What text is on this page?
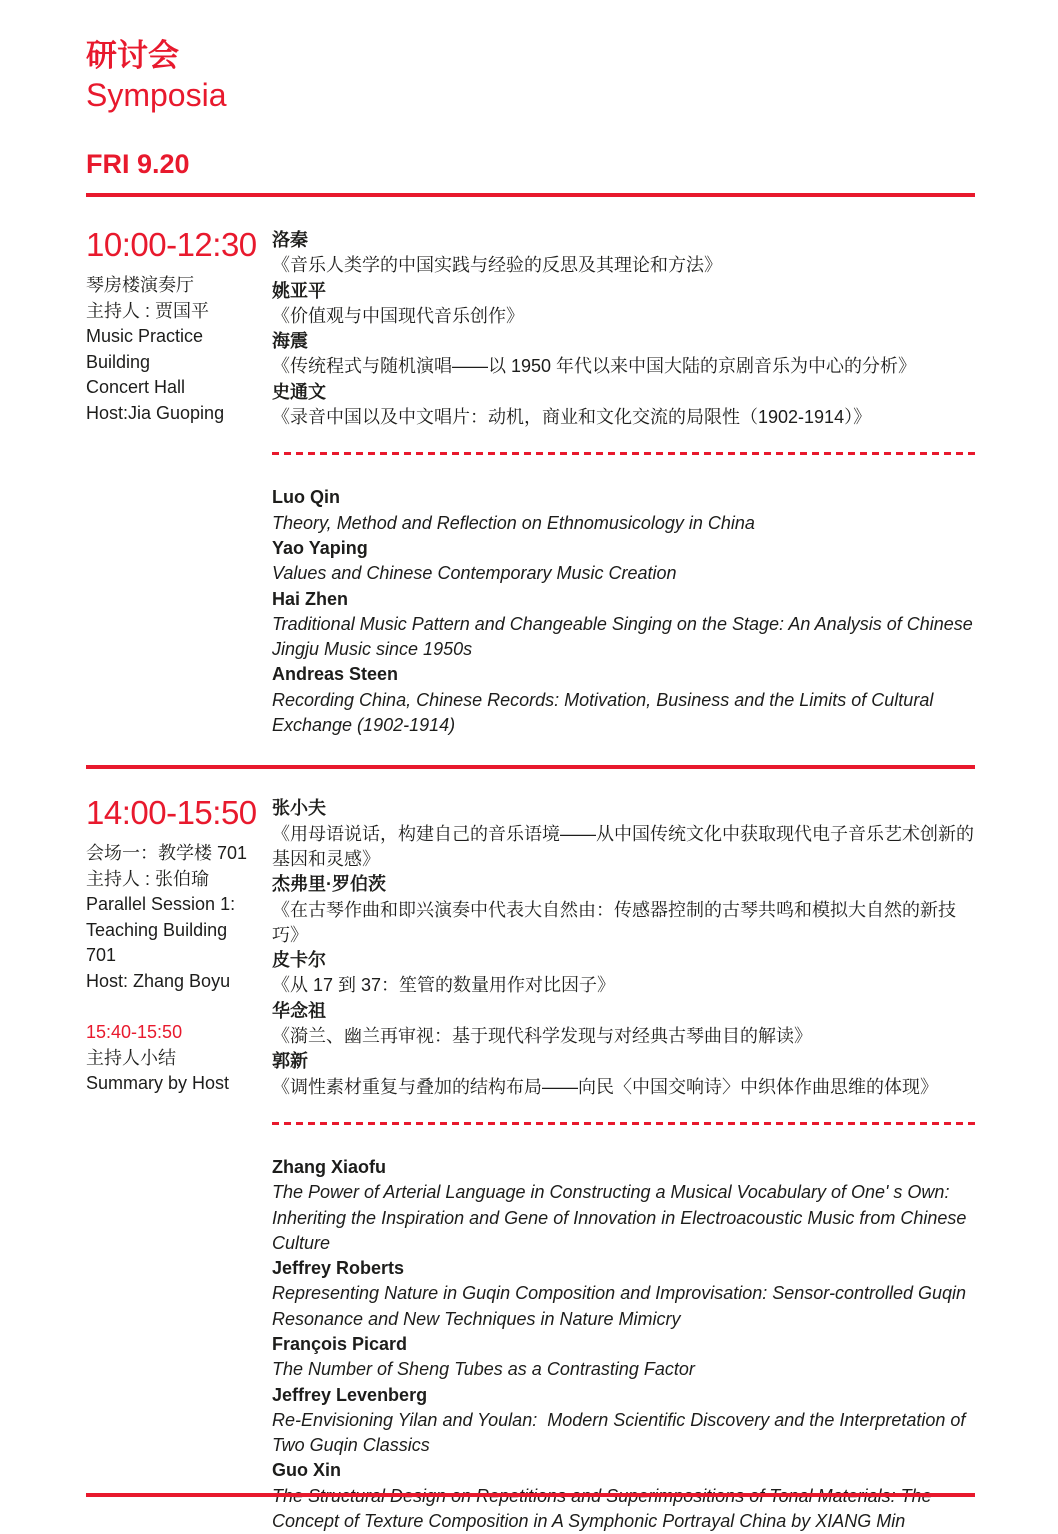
研讨会
Symposia
FRI 9.20
10:00-12:30
琴房楼演奏厅
主持人 : 贾国平
Music Practice
Building
Concert Hall
Host:Jia Guoping
洛秦
《音乐人类学的中国实践与经验的反思及其理论和方法》
姚亚平
《价值观与中国现代音乐创作》
海震
《传统程式与随机演唱——以 1950 年代以来中国大陆的京剧音乐为中心的分析》
史通文
《录音中国以及中文唱片：动机，商业和文化交流的局限性（1902-1914）》
Luo Qin
Theory, Method and Reflection on Ethnomusicology in China
Yao Yaping
Values and Chinese Contemporary Music Creation
Hai Zhen
Traditional Music Pattern and Changeable Singing on the Stage: An Analysis of Chinese Jingju Music since 1950s
Andreas Steen
Recording China, Chinese Records: Motivation, Business and the Limits of Cultural Exchange (1902-1914)
14:00-15:50
会场一：教学楼 701
主持人 : 张伯瑜
Parallel Session 1:
Teaching Building
701
Host: Zhang Boyu
15:40-15:50
主持人小结
Summary by Host
张小夫
《用母语说话，构建自己的音乐语境——从中国传统文化中获取现代电子音乐艺术创新的基因和灵感》
杰弗里·罗伯茨
《在古琴作曲和即兴演奏中代表大自然由：传感器控制的古琴共鸣和模拟大自然的新技巧》
皮卡尔
《从 17 到 37：笙管的数量用作对比因子》
华念祖
《漪兰、幽兰再审视：基于现代科学发现与对经典古琴曲目的解读》
郭新
《调性素材重复与叠加的结构布局——向民〈中国交响诗〉中织体作曲思维的体现》
Zhang Xiaofu
The Power of Arterial Language in Constructing a Musical Vocabulary of One' s Own: Inheriting the Inspiration and Gene of Innovation in Electroacoustic Music from Chinese Culture
Jeffrey Roberts
Representing Nature in Guqin Composition and Improvisation: Sensor-controlled Guqin Resonance and New Techniques in Nature Mimicry
François Picard
The Number of Sheng Tubes as a Contrasting Factor
Jeffrey Levenberg
Re-Envisioning Yilan and Youlan:  Modern Scientific Discovery and the Interpretation of Two Guqin Classics
Guo Xin
Concept of Texture Composition in A Symphonic Portrayal China by XIANG Min
